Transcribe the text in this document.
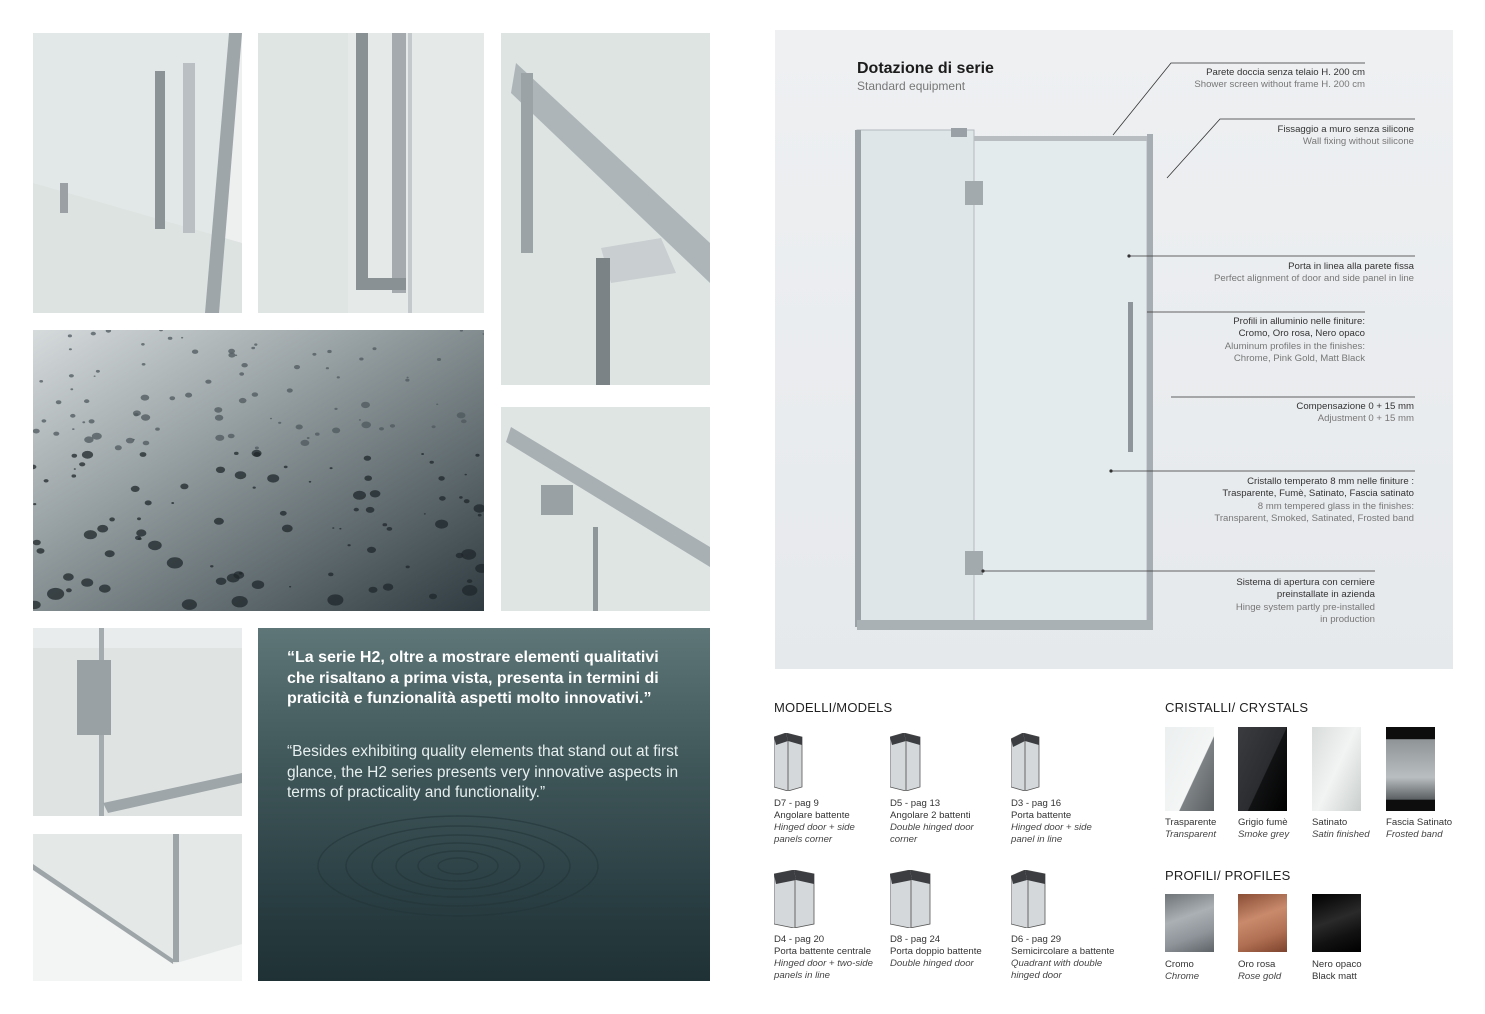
“La serie H2, oltre a mostrare elementi qualitativi che risaltano a prima vista, presenta in termini di praticità e funzionalità aspetti molto innovativi.”
“Besides exhibiting quality elements that stand out at first glance, the H2 series presents very innovative aspects in terms of practicality and functionality.”
Dotazione di serie
Standard equipment
Parete doccia senza telaio H. 200 cm
Shower screen without frame H. 200 cm
Fissaggio a muro senza silicone
Wall fixing without silicone
Porta in linea alla parete fissa
Perfect alignment of door and side panel in line
Profili in alluminio nelle finiture:
Cromo, Oro rosa, Nero opaco
Aluminum profiles in the finishes:
Chrome, Pink Gold, Matt Black
Compensazione 0 + 15 mm
Adjustment 0 + 15 mm
Cristallo temperato 8 mm nelle finiture :
Trasparente, Fumè, Satinato, Fascia satinato
8 mm tempered glass in the finishes:
Transparent, Smoked, Satinated, Frosted band
Sistema di apertura con cerniere
preinstallate in azienda
Hinge system partly pre-installed
in production
MODELLI/MODELS
D7 - pag 9
Angolare battente
Hinged door + side
panels corner
D5 - pag 13
Angolare 2 battenti
Double hinged door
corner
D3 - pag 16
Porta battente
Hinged door + side
panel in line
D4 - pag 20
Porta battente centrale
Hinged door + two-side
panels in line
D8 - pag 24
Porta doppio battente
Double hinged door
D6 - pag 29
Semicircolare a battente
Quadrant with double
hinged door
CRISTALLI/ CRYSTALS
Trasparente
Transparent
Grigio fumè
Smoke grey
Satinato
Satin finished
Fascia Satinato
Frosted band
PROFILI/ PROFILES
Cromo
Chrome
Oro rosa
Rose gold
Nero opaco
Black matt
